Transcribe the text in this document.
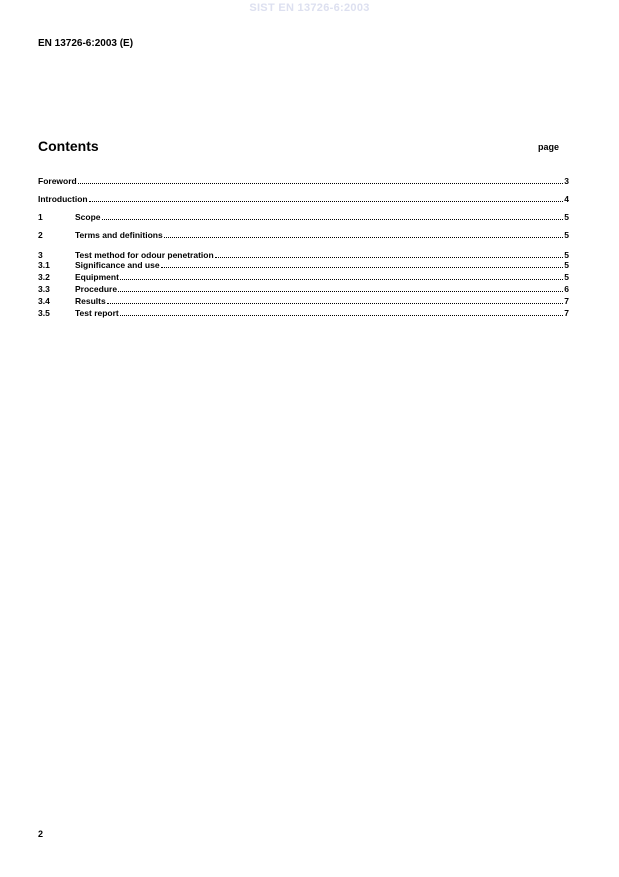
SIST EN 13726-6:2003
EN 13726-6:2003 (E)
Contents	page
Foreword	3
Introduction	4
1	Scope	5
2	Terms and definitions	5
3	Test method for odour penetration	5
3.1	Significance and use	5
3.2	Equipment	5
3.3	Procedure	6
3.4	Results	7
3.5	Test report	7
2
